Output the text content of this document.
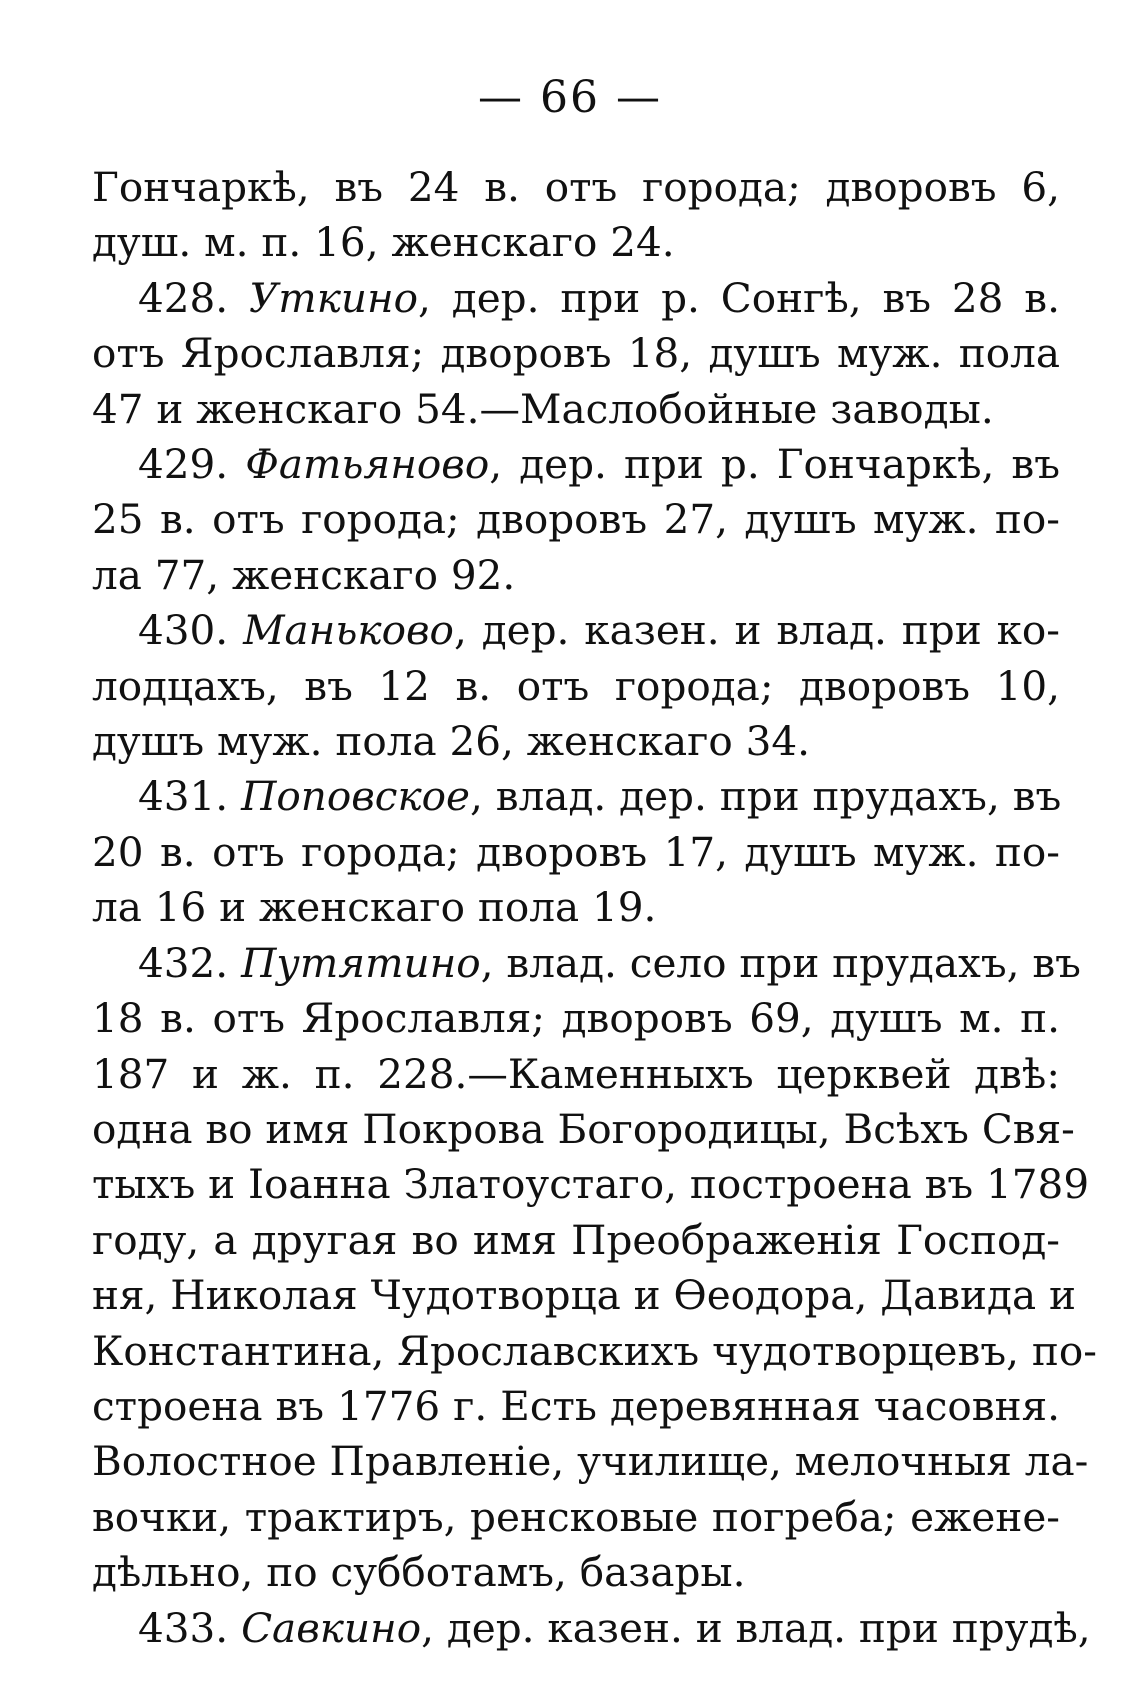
— 66 —
Гончаркѣ, въ 24 в. отъ города; дворовъ 6,
душ. м. п. 16, женскаго 24.
428. Уткино, дер. при р. Сонгѣ, въ 28 в.
отъ Ярославля; дворовъ 18, душъ муж. пола
47 и женскаго 54.—Маслобойные заводы.
429. Фатьяново, дер. при р. Гончаркѣ, въ
25 в. отъ города; дворовъ 27, душъ муж. по-
ла 77, женскаго 92.
430. Маньково, дер. казен. и влад. при ко-
лодцахъ, въ 12 в. отъ города; дворовъ 10,
душъ муж. пола 26, женскаго 34.
431. Поповское, влад. дер. при прудахъ, въ
20 в. отъ города; дворовъ 17, душъ муж. по-
ла 16 и женскаго пола 19.
432. Путятино, влад. село при прудахъ, въ
18 в. отъ Ярославля; дворовъ 69, душъ м. п.
187 и ж. п. 228.—Каменныхъ церквей двѣ:
одна во имя Покрова Богородицы, Всѣхъ Свя-
тыхъ и Іоанна Златоустаго, построена въ 1789
году, а другая во имя Преображенія Господ-
ня, Николая Чудотворца и Ѳеодора, Давида и
Константина, Ярославскихъ чудотворцевъ, по-
строена въ 1776 г. Есть деревянная часовня.
Волостное Правленіе, училище, мелочныя ла-
вочки, трактиръ, ренсковые погреба; еженe-
дѣльно, по субботамъ, базары.
433. Савкино, дер. казен. и влад. при прудѣ,
